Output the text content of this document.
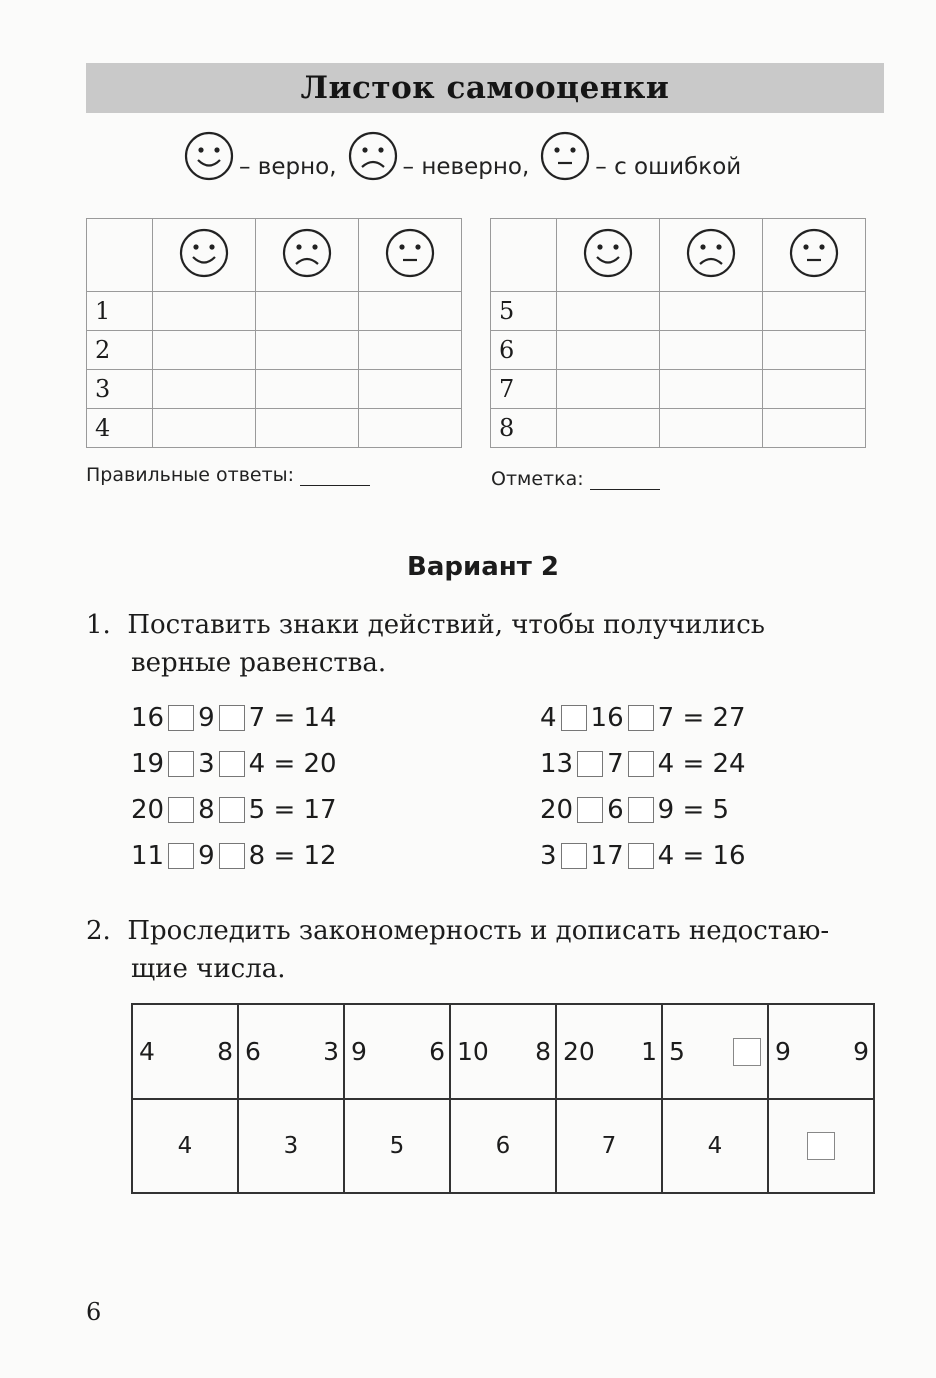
Листок самооценки
– верно,	– неверно,	– с ошибкой

1			
2			
3			
4			

5			
6			
7			
8			
Правильные ответы:	Отметка:
Вариант 2
1. Поставить знаки действий, чтобы получились
верные равенства.
16 9 7 = 14
19 3 4 = 20
20 8 5 = 17
11 9 8 = 12
4 16 7 = 27
13 7 4 = 24
20 6 9 = 5
3 17 4 = 16
2. Проследить закономерность и дописать недостаю-
щие числа.
4 8	6 3	9 6	10 8	20 1	5	9 9

4	3	5	6	7	4	
6
